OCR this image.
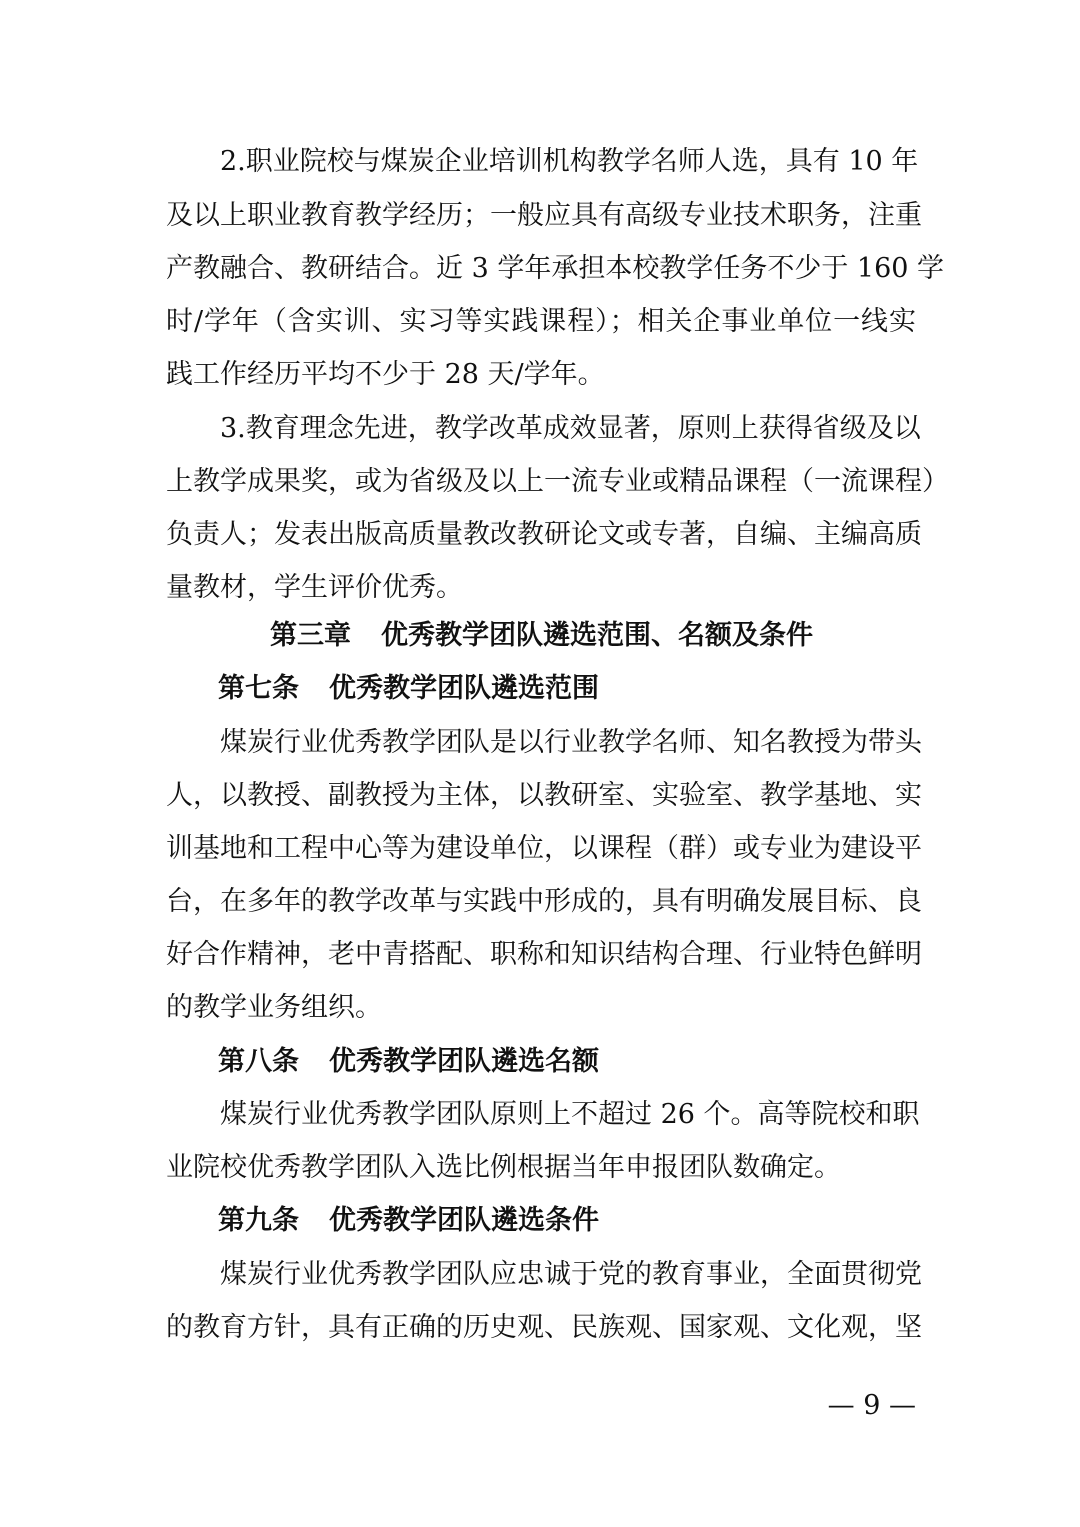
2.职业院校与煤炭企业培训机构教学名师人选，具有 10 年
及以上职业教育教学经历；一般应具有高级专业技术职务，注重
产教融合、教研结合。近 3 学年承担本校教学任务不少于 160 学
时/学年（含实训、实习等实践课程）；相关企事业单位一线实
践工作经历平均不少于 28 天/学年。
3.教育理念先进，教学改革成效显著，原则上获得省级及以
上教学成果奖，或为省级及以上一流专业或精品课程（一流课程）
负责人；发表出版高质量教改教研论文或专著，自编、主编高质
量教材，学生评价优秀。
第三章 优秀教学团队遴选范围、名额及条件
第七条 优秀教学团队遴选范围
煤炭行业优秀教学团队是以行业教学名师、知名教授为带头
人，以教授、副教授为主体，以教研室、实验室、教学基地、实
训基地和工程中心等为建设单位，以课程（群）或专业为建设平
台，在多年的教学改革与实践中形成的，具有明确发展目标、良
好合作精神，老中青搭配、职称和知识结构合理、行业特色鲜明
的教学业务组织。
第八条 优秀教学团队遴选名额
煤炭行业优秀教学团队原则上不超过 26 个。高等院校和职
业院校优秀教学团队入选比例根据当年申报团队数确定。
第九条 优秀教学团队遴选条件
煤炭行业优秀教学团队应忠诚于党的教育事业，全面贯彻党
的教育方针，具有正确的历史观、民族观、国家观、文化观，坚
— 9 —
